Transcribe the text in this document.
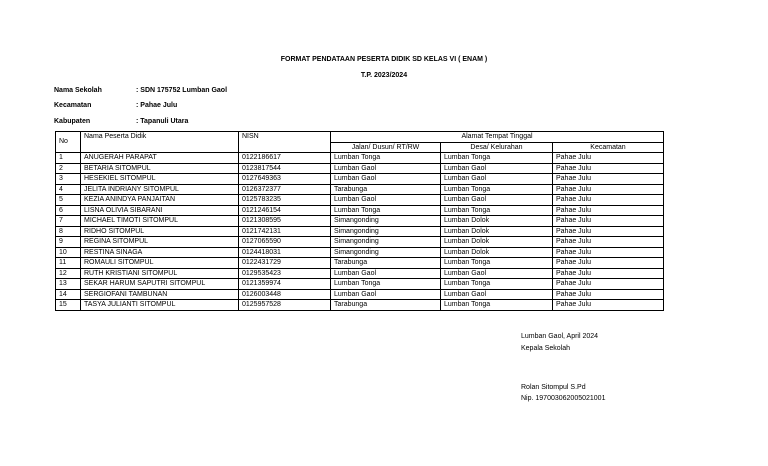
FORMAT PENDATAAN PESERTA DIDIK SD KELAS VI ( ENAM )
T.P. 2023/2024
Nama Sekolah	: SDN 175752 Lumban Gaol
Kecamatan	: Pahae Julu
Kabupaten	: Tapanuli Utara
No	Nama Peserta Didik	NISN	Alamat Tempat Tinggal		
			Jalan/ Dusun/ RT/RW	Desa/ Kelurahan	Kecamatan
1	ANUGERAH PARAPAT	0122186617	Lumban Tonga	Lumban Tonga	Pahae Julu
2	BETARIA SITOMPUL	0123817544	Lumban Gaol	Lumban Gaol	Pahae Julu
3	HESEKIEL SITOMPUL	0127649363	Lumban Gaol	Lumban Gaol	Pahae Julu
4	JELITA INDRIANY SITOMPUL	0126372377	Tarabunga	Lumban Tonga	Pahae Julu
5	KEZIA ANINDYA PANJAITAN	0125783235	Lumban Gaol	Lumban Gaol	Pahae Julu
6	LISNA OLIVIA SIBARANI	0121246154	Lumban Tonga	Lumban Tonga	Pahae Julu
7	MICHAEL TIMOTI SITOMPUL	0121308595	Simangonding	Lumban Dolok	Pahae Julu
8	RIDHO SITOMPUL	0121742131	Simangonding	Lumban Dolok	Pahae Julu
9	REGINA SITOMPUL	0127065590	Simangonding	Lumban Dolok	Pahae Julu
10	RESTINA SINAGA	0124418031	Simangonding	Lumban Dolok	Pahae Julu
11	ROMAULI SITOMPUL	0122431729	Tarabunga	Lumban Tonga	Pahae Julu
12	RUTH KRISTIANI SITOMPUL	0129535423	Lumban Gaol	Lumban Gaol	Pahae Julu
13	SEKAR HARUM SAPUTRI SITOMPUL	0121359974	Lumban Tonga	Lumban Tonga	Pahae Julu
14	SERGIOFANI TAMBUNAN	0126003448	Lumban Gaol	Lumban Gaol	Pahae Julu
15	TASYA JULIANTI SITOMPUL	0125957528	Tarabunga	Lumban Tonga	Pahae Julu
Lumban Gaol, April 2024
Kepala Sekolah
Rolan Sitompul S.Pd
Nip. 197003062005021001
